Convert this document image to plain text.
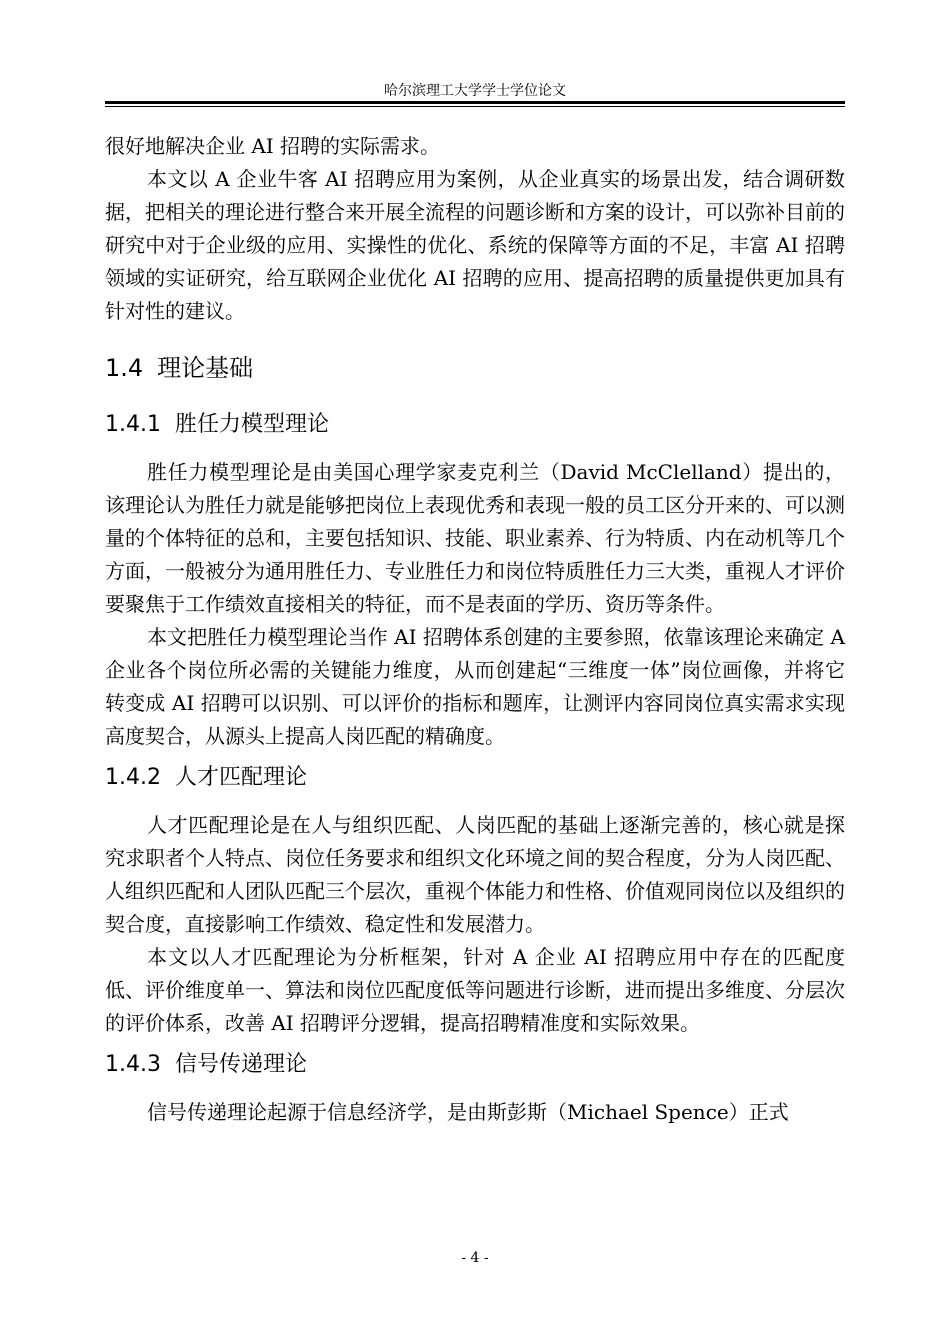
哈尔滨理工大学学士学位论文

很好地解决企业 AI 招聘的实际需求。

本文以 A 企业牛客 AI 招聘应用为案例，从企业真实的场景出发，结合调研数据，把相关的理论进行整合来开展全流程的问题诊断和方案的设计，可以弥补目前的研究中对于企业级的应用、实操性的优化、系统的保障等方面的不足，丰富 AI 招聘领域的实证研究，给互联网企业优化 AI 招聘的应用、提高招聘的质量提供更加具有针对性的建议。

1.4 理论基础
1.4.1 胜任力模型理论

胜任力模型理论是由美国心理学家麦克利兰（David McClelland）提出的，该理论认为胜任力就是能够把岗位上表现优秀和表现一般的员工区分开来的、可以测量的个体特征的总和，主要包括知识、技能、职业素养、行为特质、内在动机等几个方面，一般被分为通用胜任力、专业胜任力和岗位特质胜任力三大类，重视人才评价要聚焦于工作绩效直接相关的特征，而不是表面的学历、资历等条件。

本文把胜任力模型理论当作 AI 招聘体系创建的主要参照，依靠该理论来确定 A 企业各个岗位所必需的关键能力维度，从而创建起“三维度一体”岗位画像，并将它转变成 AI 招聘可以识别、可以评价的指标和题库，让测评内容同岗位真实需求实现高度契合，从源头上提高人岗匹配的精确度。

1.4.2 人才匹配理论

人才匹配理论是在人与组织匹配、人岗匹配的基础上逐渐完善的，核心就是探究求职者个人特点、岗位任务要求和组织文化环境之间的契合程度，分为人岗匹配、人组织匹配和人团队匹配三个层次，重视个体能力和性格、价值观同岗位以及组织的契合度，直接影响工作绩效、稳定性和发展潜力。

本文以人才匹配理论为分析框架，针对 A 企业 AI 招聘应用中存在的匹配度低、评价维度单一、算法和岗位匹配度低等问题进行诊断，进而提出多维度、分层次的评价体系，改善 AI 招聘评分逻辑，提高招聘精准度和实际效果。

1.4.3 信号传递理论

信号传递理论起源于信息经济学，是由斯彭斯（Michael Spence）正式

- 4 -
